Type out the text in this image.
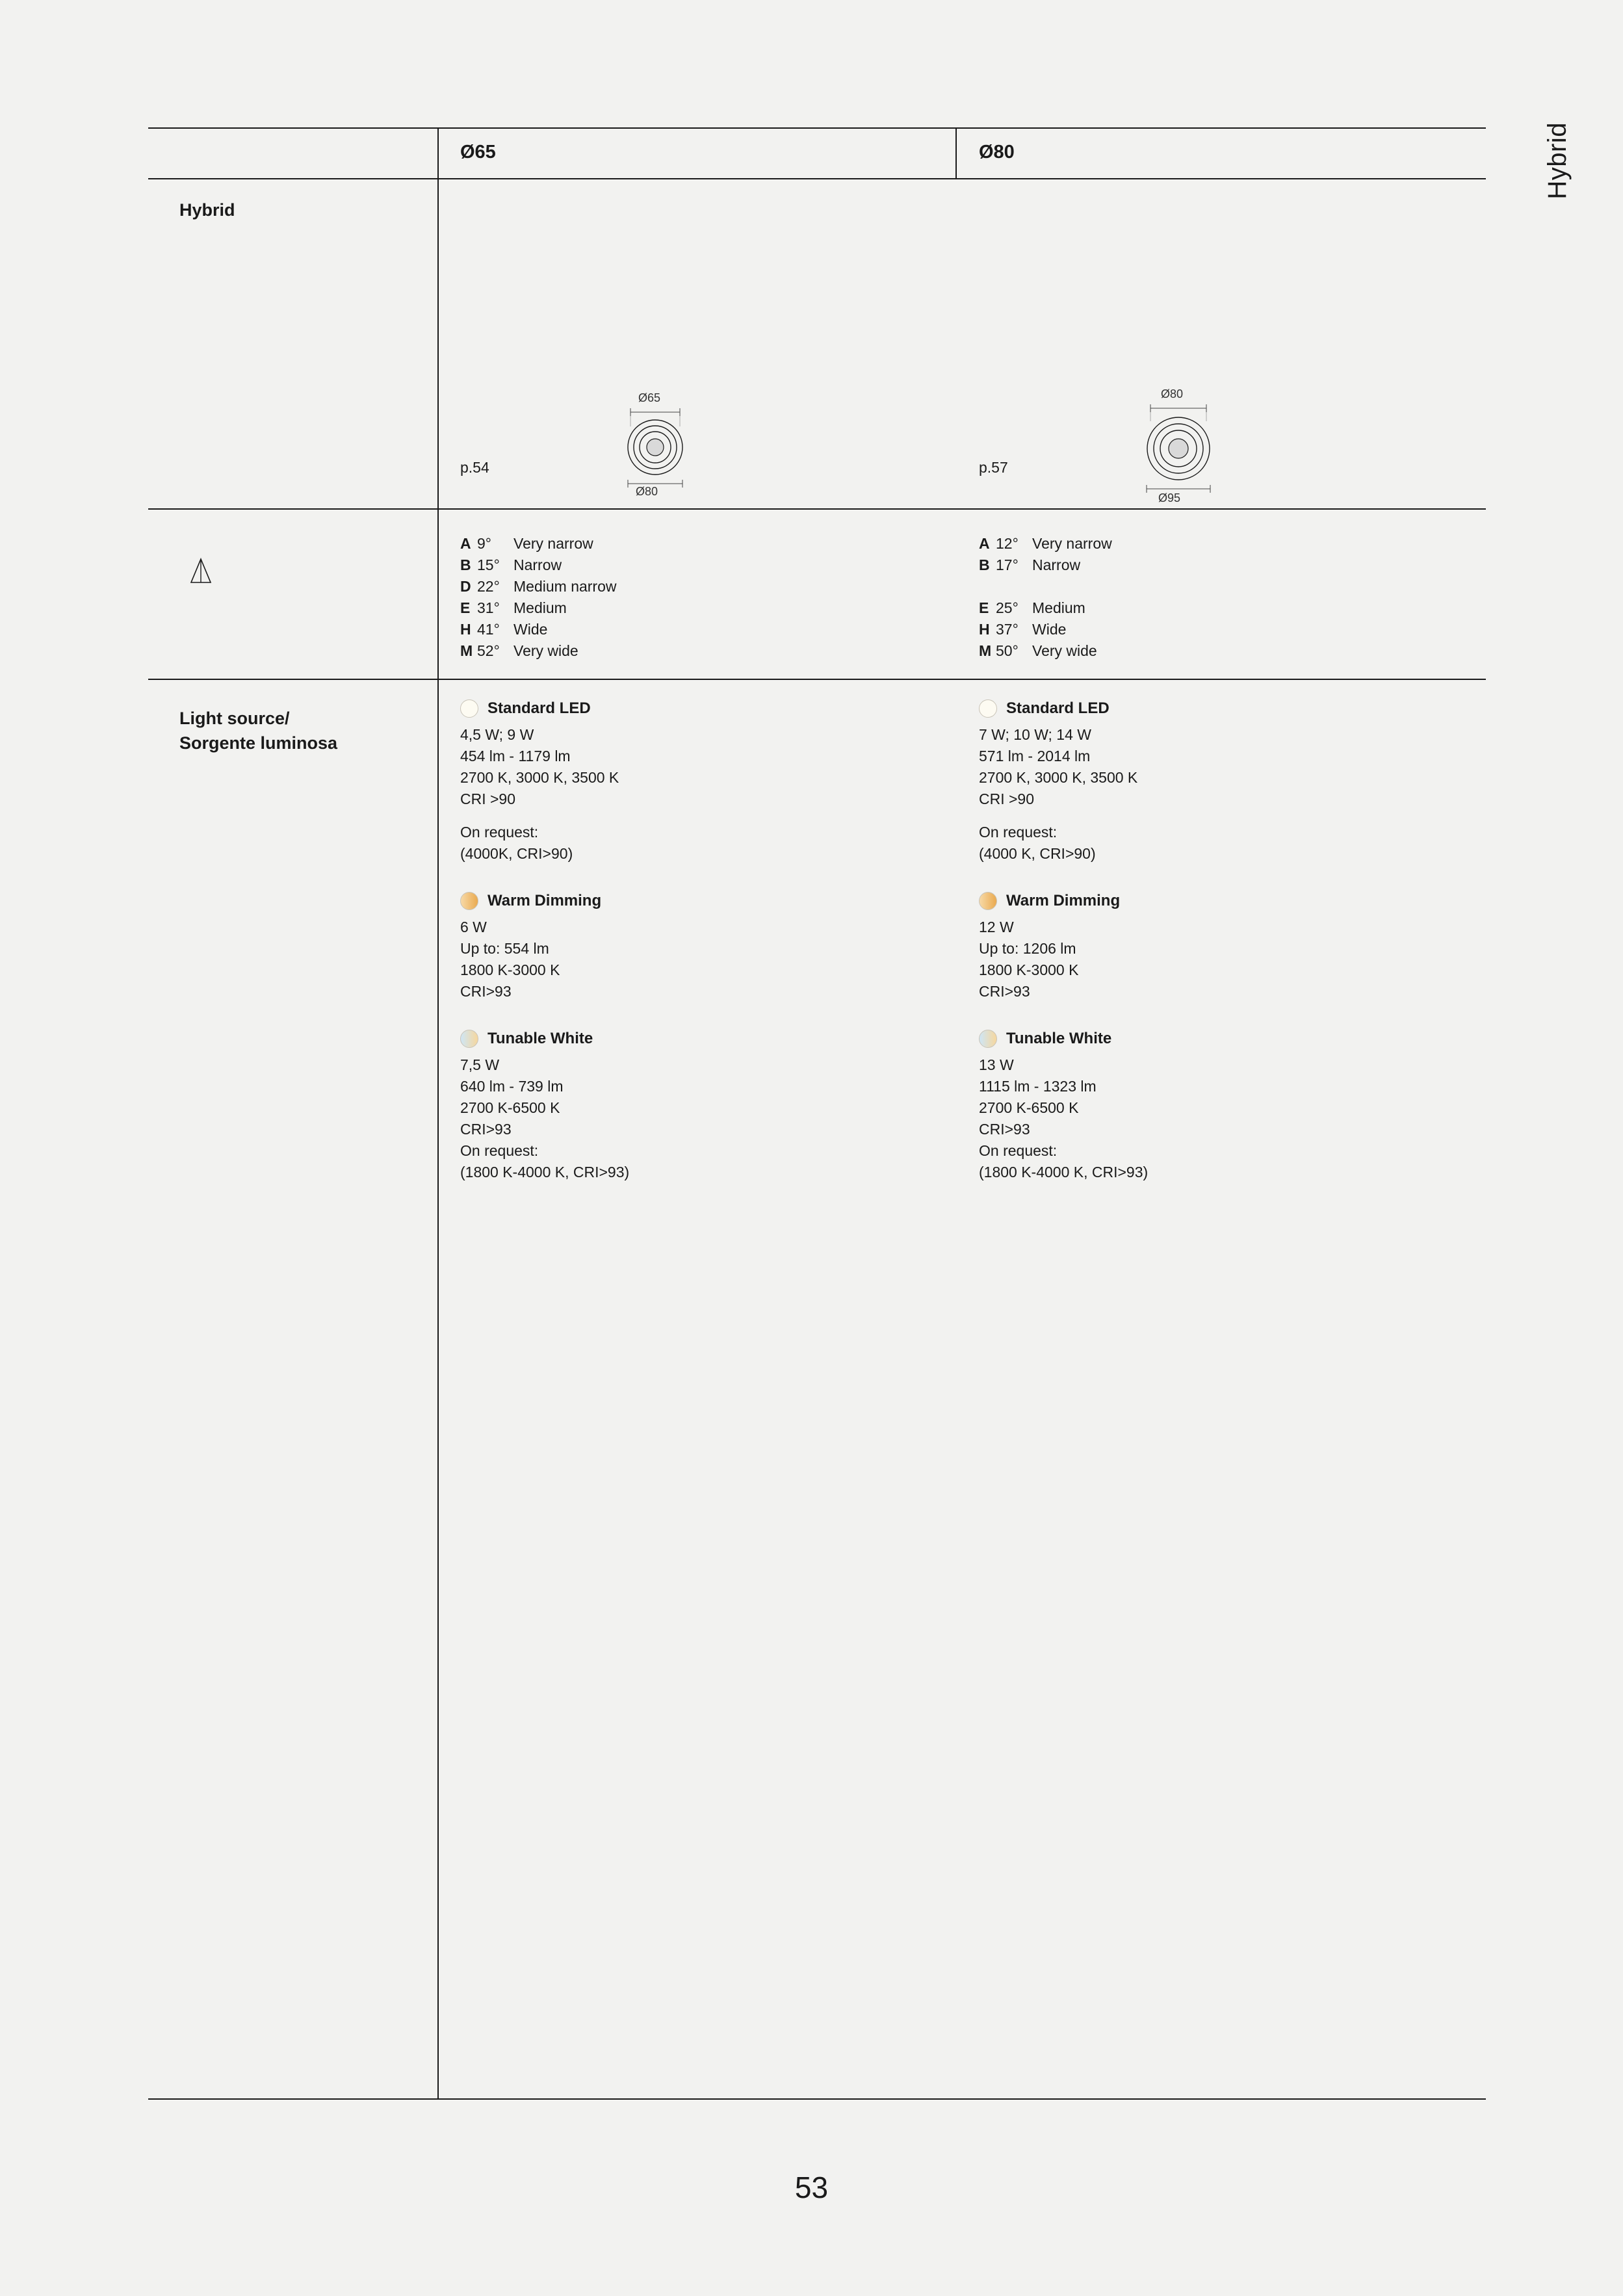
Hybrid
Ø65	Ø80
Hybrid
Ø65
Ø80
p.54
Ø80
Ø95
p.57
A 9° Very narrow
B 15° Narrow
D 22° Medium narrow
E 31° Medium
H 41° Wide
M 52° Very wide
A 12° Very narrow
B 17° Narrow

E 25° Medium
H 37° Wide
M 50° Very wide
Light source/
Sorgente luminosa
Standard LED
4,5 W; 9 W
454 lm - 1179 lm
2700 K, 3000 K, 3500 K
CRI >90
On request:
(4000K, CRI>90)
Warm Dimming
6 W
Up to: 554 lm
1800 K-3000 K
CRI>93
Tunable White
7,5 W
640 lm - 739 lm
2700 K-6500 K
CRI>93
On request:
(1800 K-4000 K, CRI>93)
Standard LED
7 W; 10 W; 14 W
571 lm - 2014 lm
2700 K, 3000 K, 3500 K
CRI >90
On request:
(4000 K, CRI>90)
Warm Dimming
12 W
Up to: 1206 lm
1800 K-3000 K
CRI>93
Tunable White
13 W
1115 lm - 1323 lm
2700 K-6500 K
CRI>93
On request:
(1800 K-4000 K, CRI>93)
53
